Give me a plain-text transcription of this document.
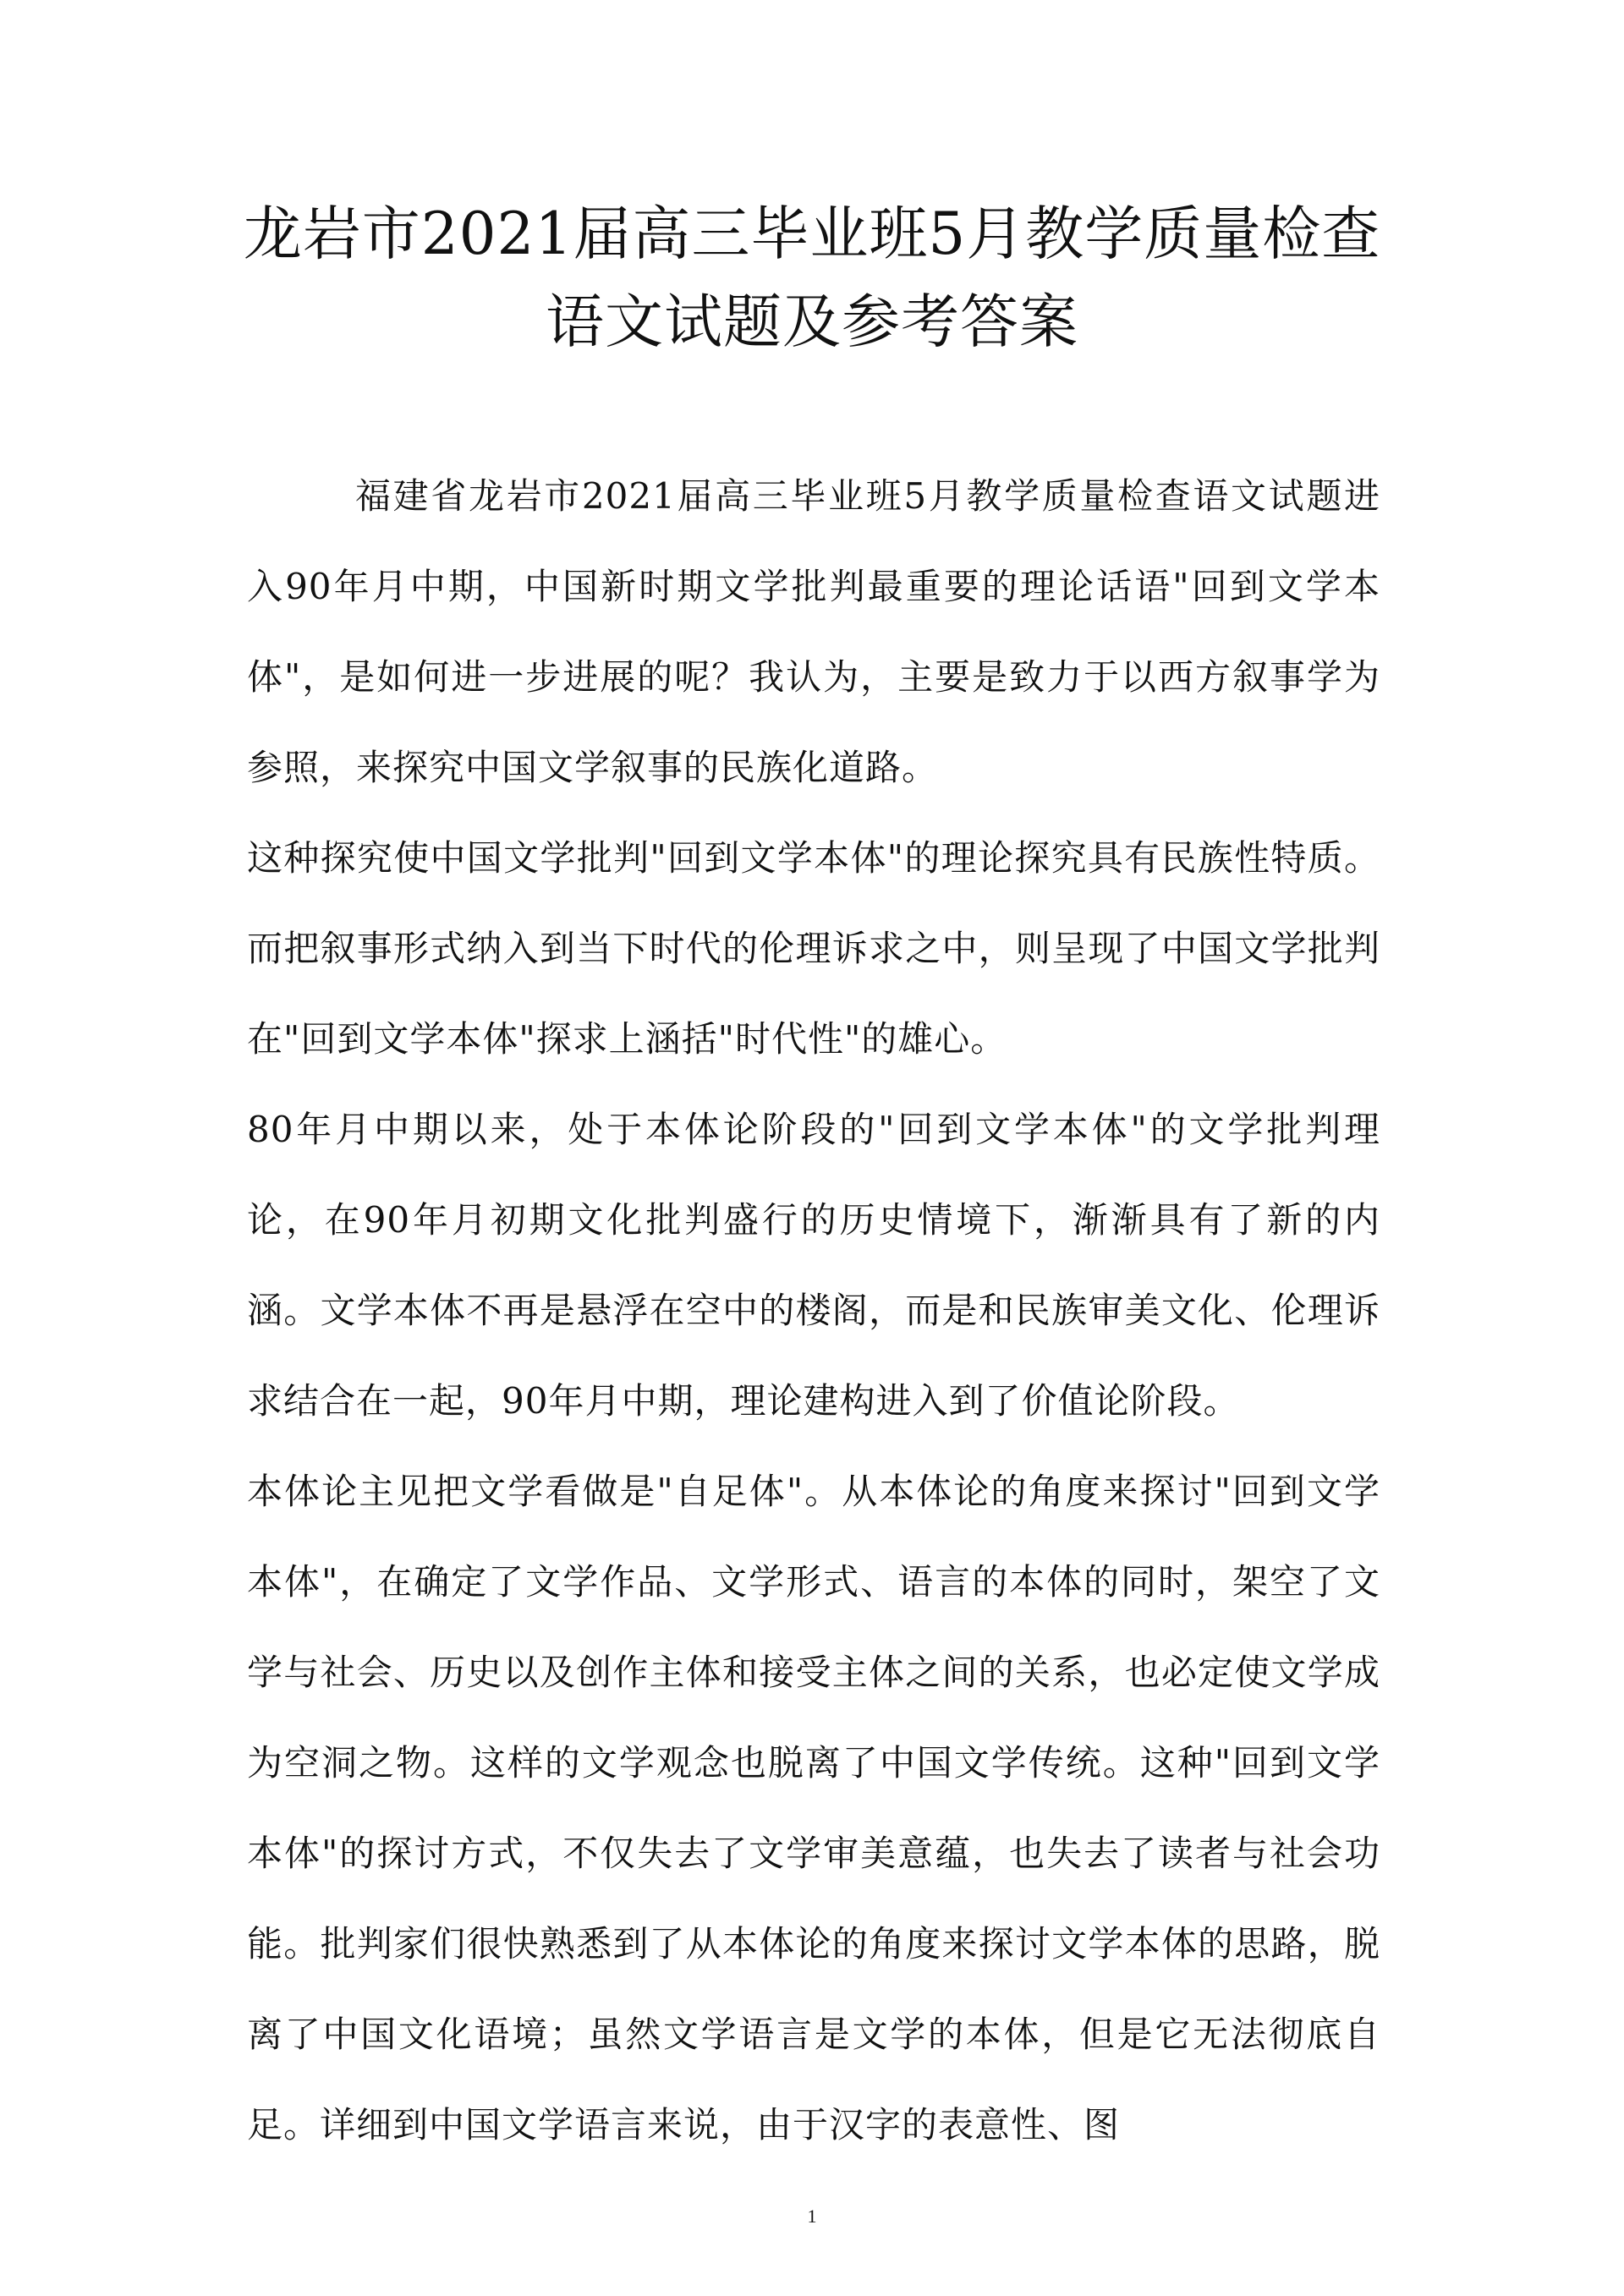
龙岩市2021届高三毕业班5月教学质量检查语文试题及参考答案

福建省龙岩市2021届高三毕业班5月教学质量检查语文试题进入90年月中期，中国新时期文学批判最重要的理论话语"回到文学本体"，是如何进一步进展的呢？我认为，主要是致力于以西方叙事学为参照，来探究中国文学叙事的民族化道路。

这种探究使中国文学批判"回到文学本体"的理论探究具有民族性特质。而把叙事形式纳入到当下时代的伦理诉求之中，则呈现了中国文学批判在"回到文学本体"探求上涵括"时代性"的雄心。

80年月中期以来，处于本体论阶段的"回到文学本体"的文学批判理论，在90年月初期文化批判盛行的历史情境下，渐渐具有了新的内涵。文学本体不再是悬浮在空中的楼阁，而是和民族审美文化、伦理诉求结合在一起，90年月中期，理论建构进入到了价值论阶段。

本体论主见把文学看做是"自足体"。从本体论的角度来探讨"回到文学本体"，在确定了文学作品、文学形式、语言的本体的同时，架空了文学与社会、历史以及创作主体和接受主体之间的关系，也必定使文学成为空洞之物。这样的文学观念也脱离了中国文学传统。这种"回到文学本体"的探讨方式，不仅失去了文学审美意蕴，也失去了读者与社会功能。批判家们很快熟悉到了从本体论的角度来探讨文学本体的思路，脱离了中国文化语境；虽然文学语言是文学的本体，但是它无法彻底自足。详细到中国文学语言来说，由于汉字的表意性、图

1
